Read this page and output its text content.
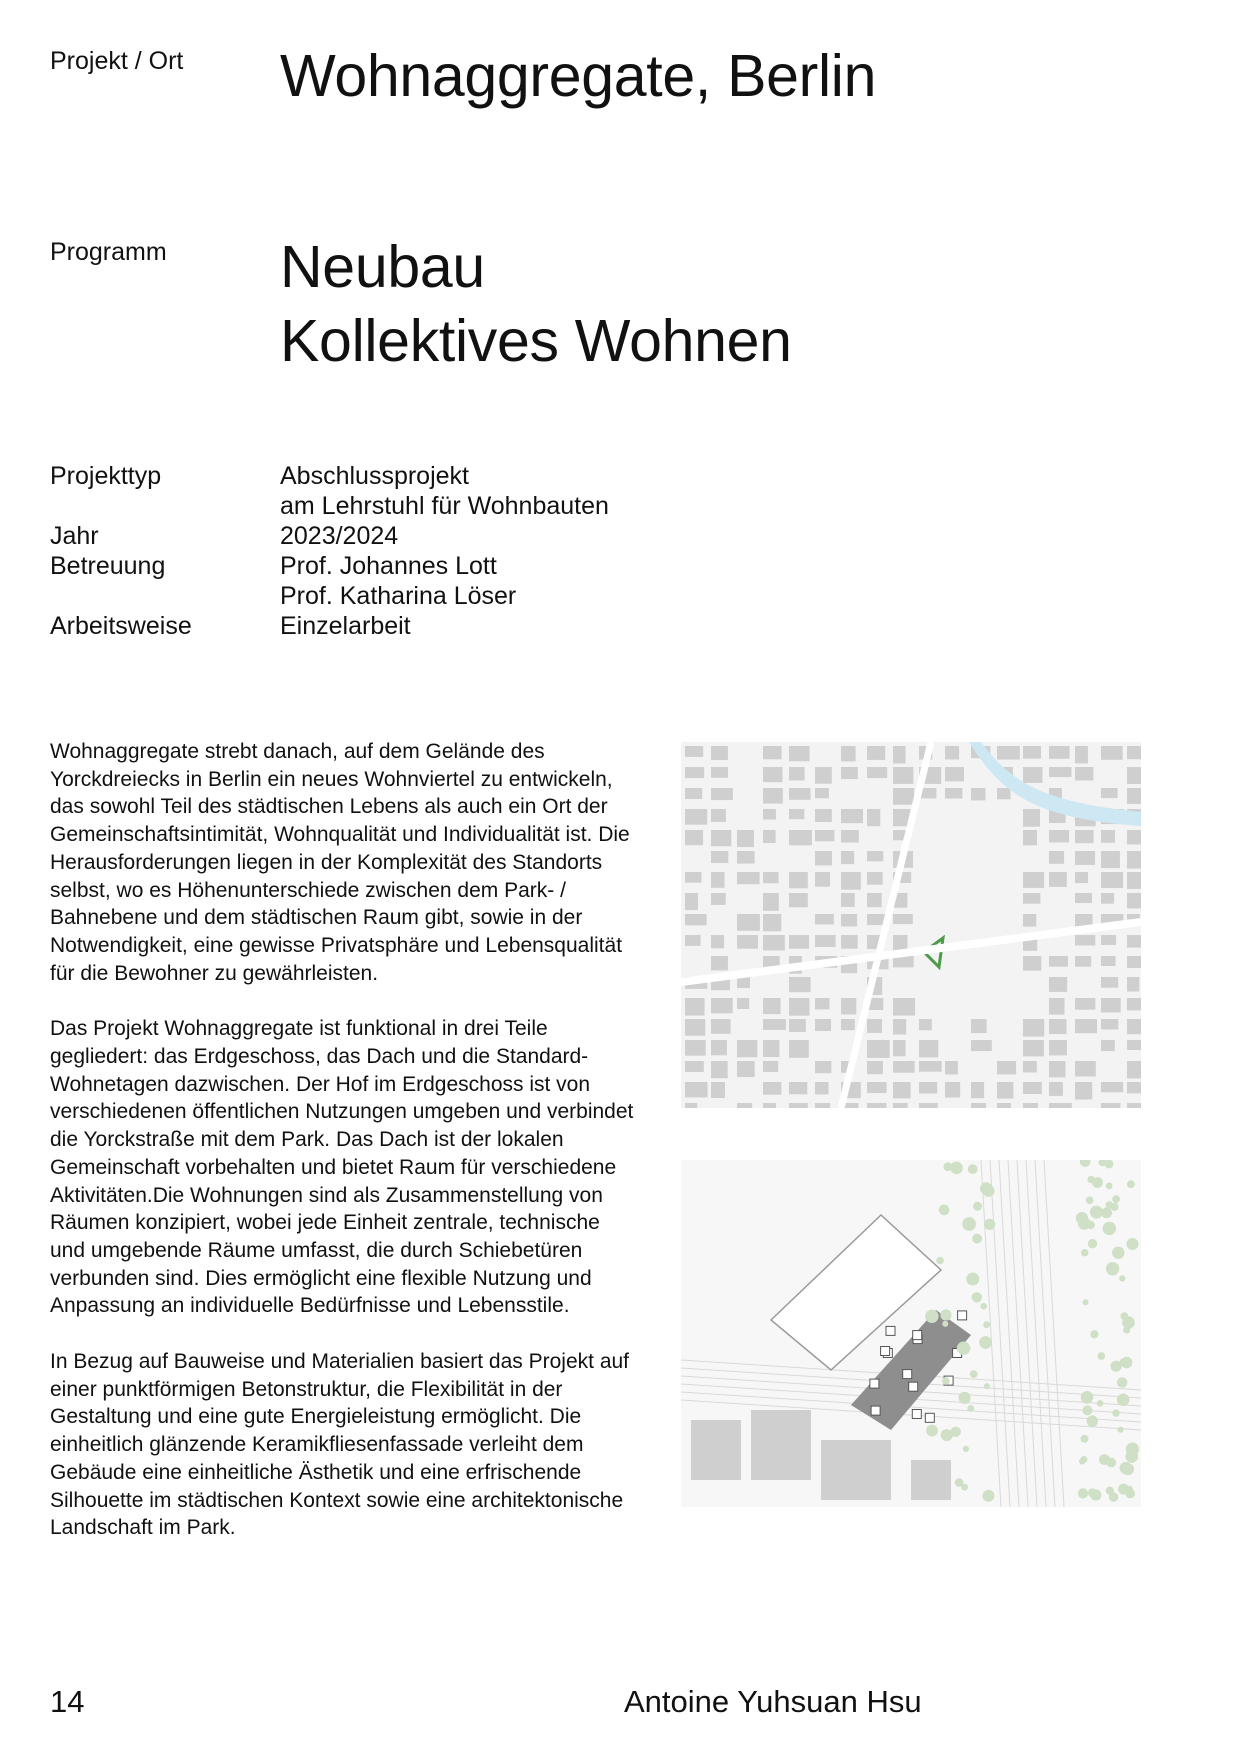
Projekt / Ort Wohnaggregate, Berlin
Programm Neubau
Kollektives Wohnen
Projekttyp	Abschlussprojekt
am Lehrstuhl für Wohnbauten
Jahr	2023/2024
Betreuung	Prof. Johannes Lott
Prof. Katharina Löser
Arbeitsweise	Einzelarbeit

Wohnaggregate strebt danach, auf dem Gelände des Yorckdreiecks in Berlin ein neues Wohnviertel zu entwickeln, das sowohl Teil des städtischen Lebens als auch ein Ort der Gemeinschaftsintimität, Wohnqualität und Individualität ist. Die Herausforderungen liegen in der Komplexität des Standorts selbst, wo es Höhenunterschiede zwischen dem Park- / Bahnebene und dem städtischen Raum gibt, sowie in der Notwendigkeit, eine gewisse Privatsphäre und Lebensqualität für die Bewohner zu gewährleisten.

Das Projekt Wohnaggregate ist funktional in drei Teile gegliedert: das Erdgeschoss, das Dach und die Standard-Wohnetagen dazwischen. Der Hof im Erdgeschoss ist von verschiedenen öffentlichen Nutzungen umgeben und verbindet die Yorckstraße mit dem Park. Das Dach ist der lokalen Gemeinschaft vorbehalten und bietet Raum für verschiedene Aktivitäten.Die Wohnungen sind als Zusammenstellung von Räumen konzipiert, wobei jede Einheit zentrale, technische und umgebende Räume umfasst, die durch Schiebetüren verbunden sind. Dies ermöglicht eine flexible Nutzung und Anpassung an individuelle Bedürfnisse und Lebensstile.

In Bezug auf Bauweise und Materialien basiert das Projekt auf einer punktförmigen Betonstruktur, die Flexibilität in der Gestaltung und eine gute Energieleistung ermöglicht. Die einheitlich glänzende Keramikfliesenfassade verleiht dem Gebäude eine einheitliche Ästhetik und eine erfrischende Silhouette im städtischen Kontext sowie eine architektonische Landschaft im Park.

14	Antoine Yuhsuan Hsu
